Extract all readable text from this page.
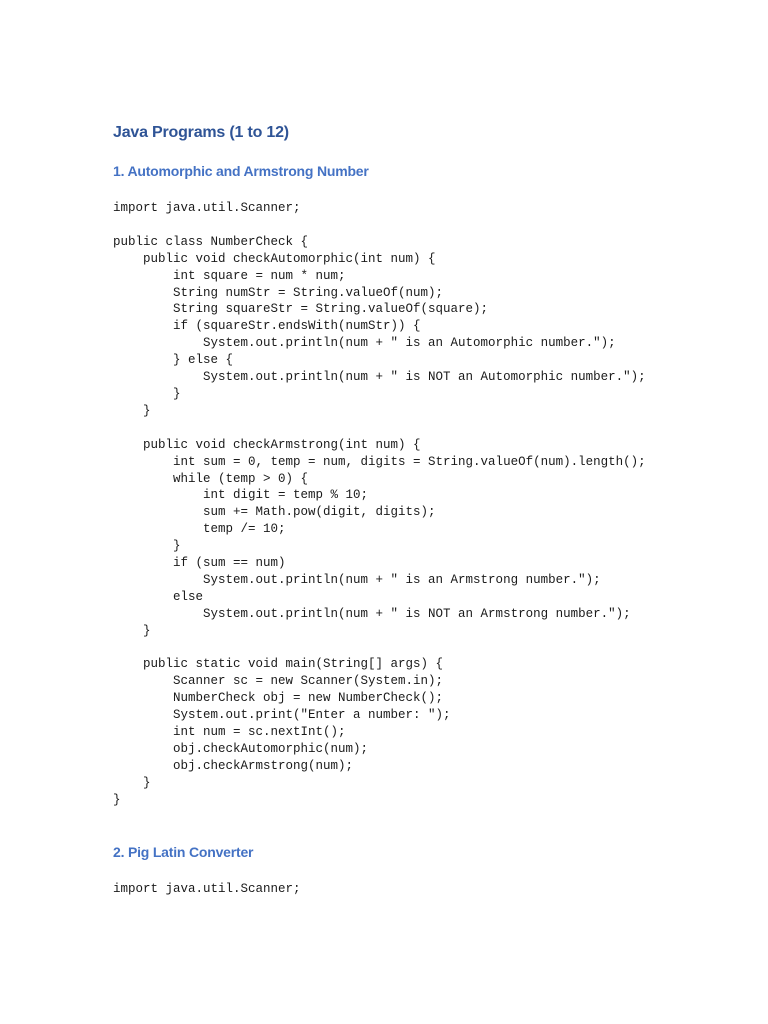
Java Programs (1 to 12)
1. Automorphic and Armstrong Number
import java.util.Scanner;

public class NumberCheck {
public void checkAutomorphic(int num) {
int square = num * num;
String numStr = String.valueOf(num);
String squareStr = String.valueOf(square);
if (squareStr.endsWith(numStr)) {
System.out.println(num + " is an Automorphic number.");
} else {
System.out.println(num + " is NOT an Automorphic number.");
}
}

public void checkArmstrong(int num) {
int sum = 0, temp = num, digits = String.valueOf(num).length();
while (temp > 0) {
int digit = temp % 10;
sum += Math.pow(digit, digits);
temp /= 10;
}
if (sum == num)
System.out.println(num + " is an Armstrong number.");
else
System.out.println(num + " is NOT an Armstrong number.");
}

public static void main(String[] args) {
Scanner sc = new Scanner(System.in);
NumberCheck obj = new NumberCheck();
System.out.print("Enter a number: ");
int num = sc.nextInt();
obj.checkAutomorphic(num);
obj.checkArmstrong(num);
}
}
2. Pig Latin Converter
import java.util.Scanner;
